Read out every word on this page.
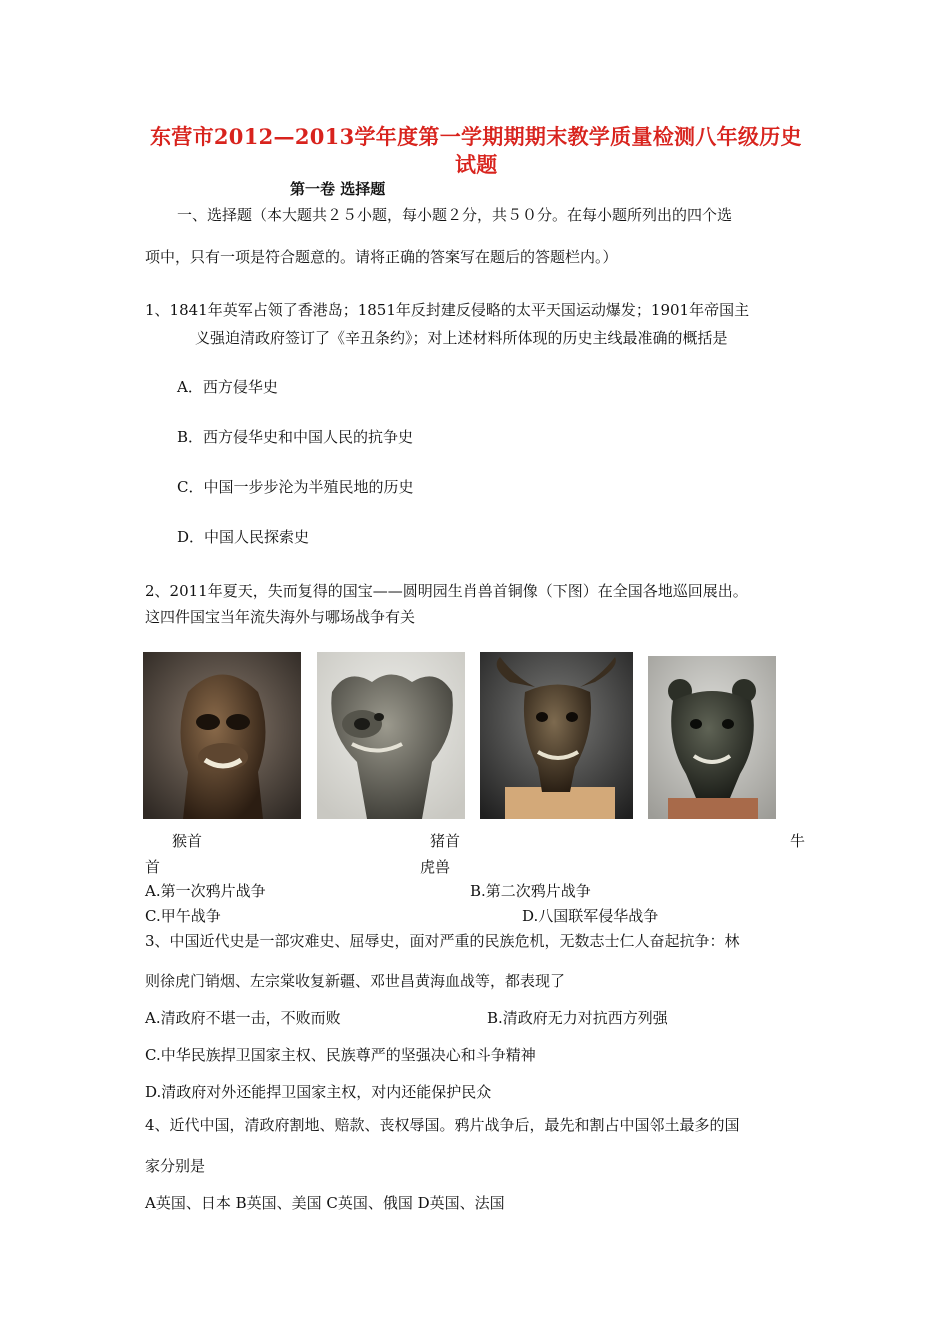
东营市2012—2013学年度第一学期期期末教学质量检测八年级历史
试题
第一卷 选择题
一、选择题（本大题共２５小题，每小题２分，共５０分。在每小题所列出的四个选
项中，只有一项是符合题意的。请将正确的答案写在题后的答题栏内。）
1、1841年英军占领了香港岛；1851年反封建反侵略的太平天国运动爆发；1901年帝国主
义强迫清政府签订了《辛丑条约》；对上述材料所体现的历史主线最准确的概括是
A．西方侵华史
B．西方侵华史和中国人民的抗争史
C．中国一步步沦为半殖民地的历史
D．中国人民探索史
2、2011年夏天，失而复得的国宝——圆明园生肖兽首铜像（下图）在全国各地巡回展出。
这四件国宝当年流失海外与哪场战争有关
猴首	猪首	牛
首	虎兽
A.第一次鸦片战争	B.第二次鸦片战争
C.甲午战争	D.八国联军侵华战争
3、中国近代史是一部灾难史、屈辱史，面对严重的民族危机，无数志士仁人奋起抗争：林
则徐虎门销烟、左宗棠收复新疆、邓世昌黄海血战等，都表现了
A.清政府不堪一击，不败而败	B.清政府无力对抗西方列强
C.中华民族捍卫国家主权、民族尊严的坚强决心和斗争精神
D.清政府对外还能捍卫国家主权，对内还能保护民众
4、近代中国，清政府割地、赔款、丧权辱国。鸦片战争后，最先和割占中国邻土最多的国
家分别是
A英国、日本 B英国、美国 C英国、俄国 D英国、法国
